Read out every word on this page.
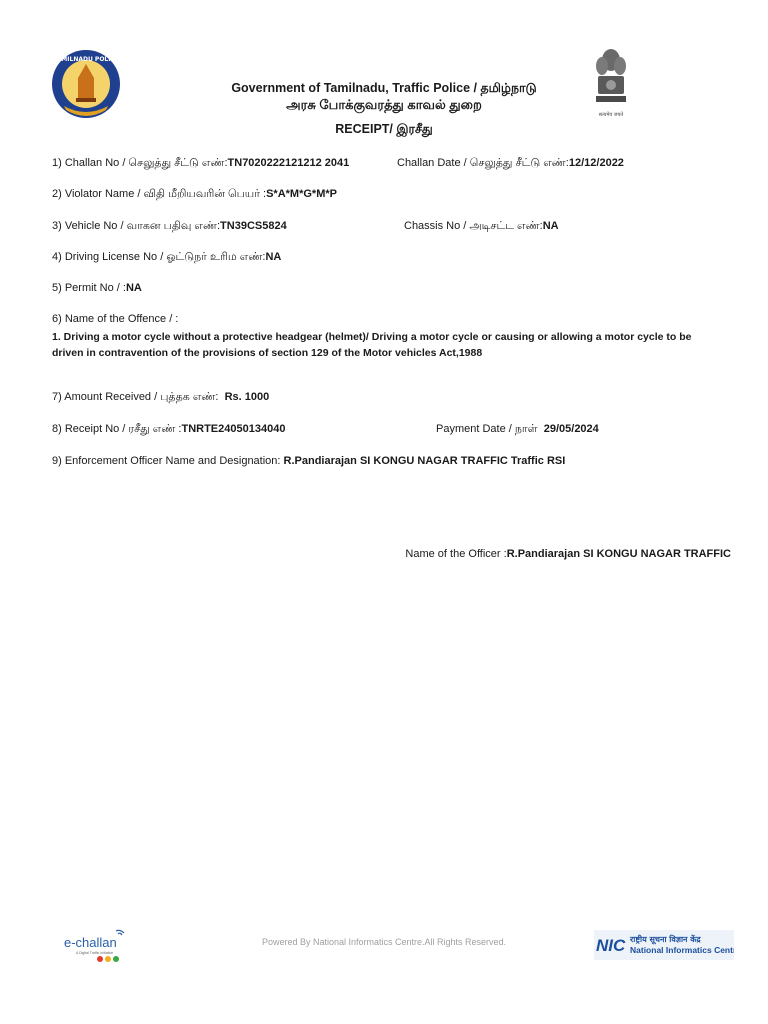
TAMILNADU POLICE
सत्यमेव जयते
Government of Tamilnadu, Traffic Police / தமிழ்நாடு
அரசு போக்குவரத்து காவல் துறை
RECEIPT/ இரசீது
1) Challan No / செலுத்து சீட்டு எண்:TN7020222121212 2041	Challan Date / செலுத்து சீட்டு எண்:12/12/2022
2) Violator Name / விதி மீறியவரின் பெயர் :S*A*M*G*M*P
3) Vehicle No / வாகன பதிவு எண்:TN39CS5824	Chassis No / அடிசட்ட எண்:NA
4) Driving License No / ஓட்டுநர் உரிம எண்:NA
5) Permit No / :NA
6) Name of the Offence / :
1. Driving a motor cycle without a protective headgear (helmet)/ Driving a motor cycle or causing or allowing a motor cycle to be driven in contravention of the provisions of section 129 of the Motor vehicles Act,1988
7) Amount Received / புத்தக எண்: Rs. 1000
8) Receipt No / ரசீது எண் :TNRTE24050134040	Payment Date / நாள் 29/05/2024
9) Enforcement Officer Name and Designation: R.Pandiarajan SI KONGU NAGAR TRAFFIC Traffic RSI
Name of the Officer :R.Pandiarajan SI KONGU NAGAR TRAFFIC
e-challan
A Digital Traffic Initiative
Powered By National Informatics Centre.All Rights Reserved.	NIC राष्ट्रीय सूचना विज्ञान केंद्र
National Informatics Centre
